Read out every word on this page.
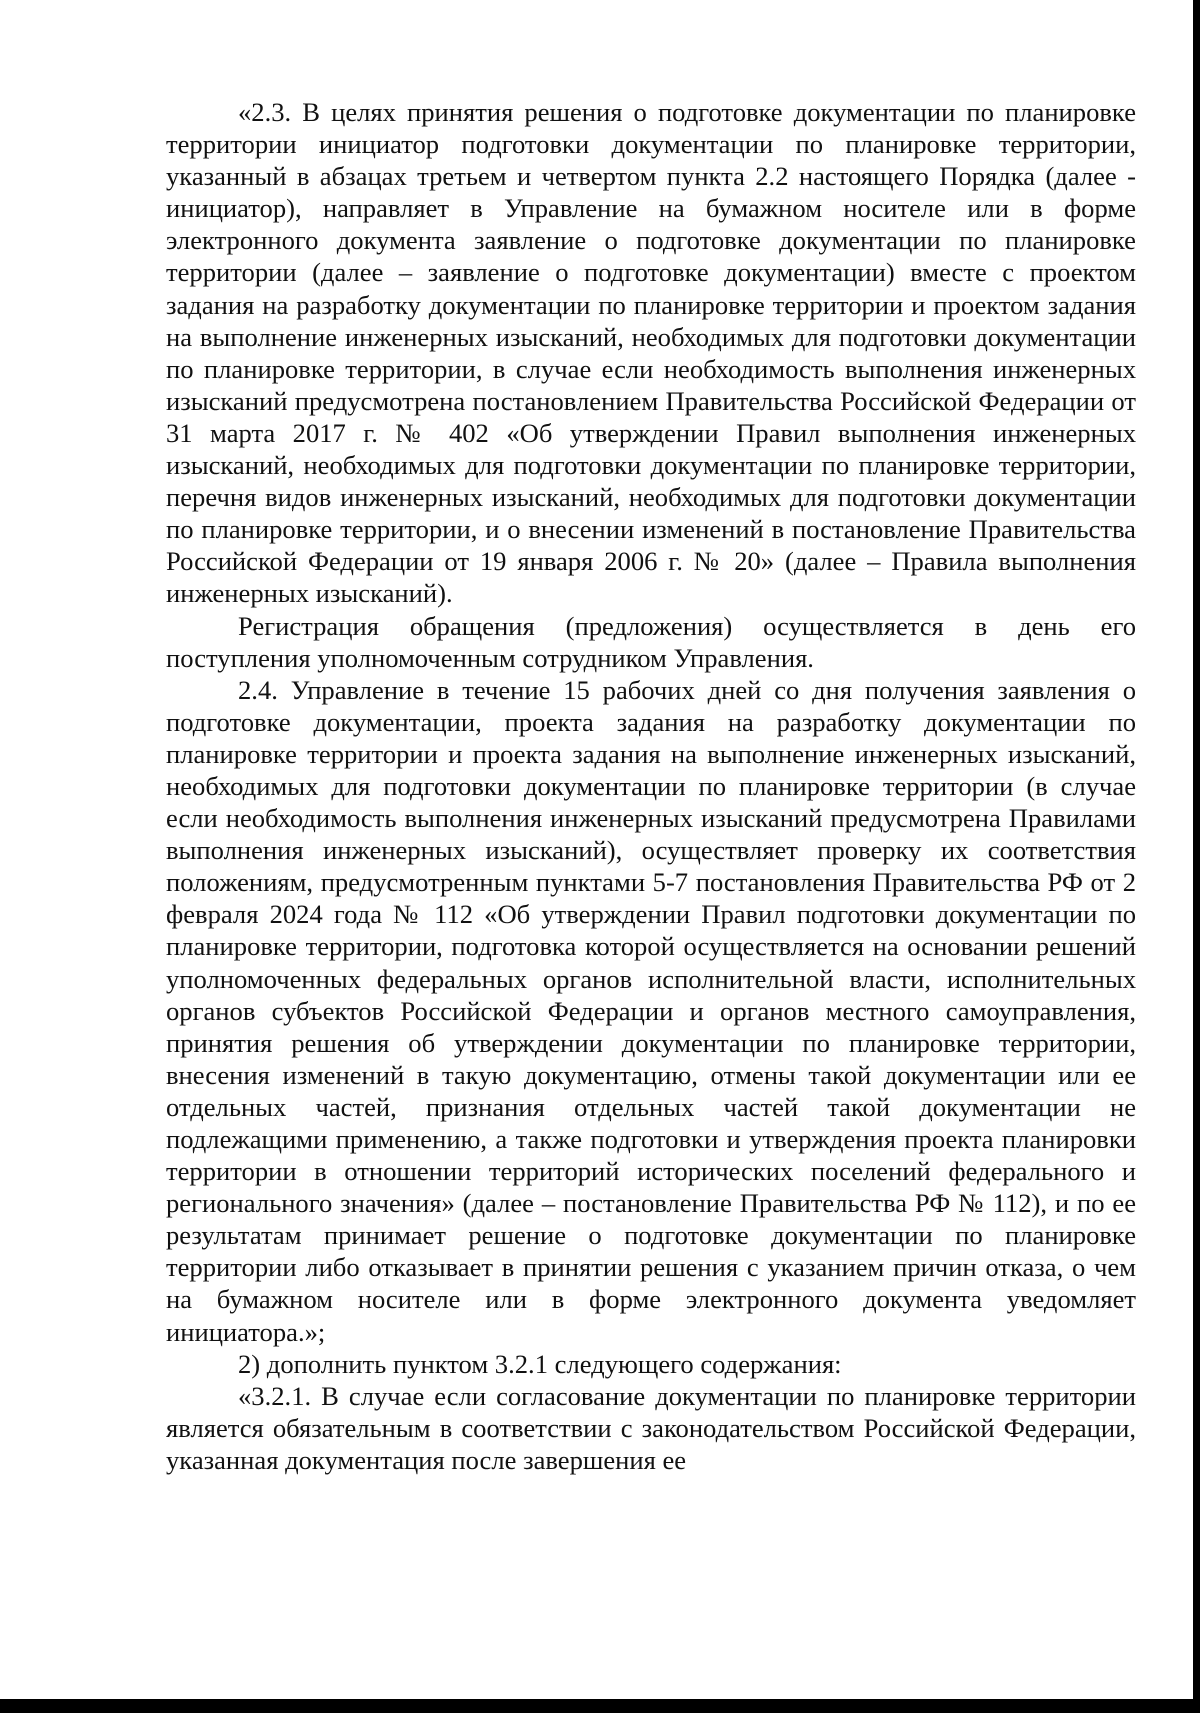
«2.3. В целях принятия решения о подготовке документации по планировке территории инициатор подготовки документации по планировке территории, указанный в абзацах третьем и четвертом пункта 2.2 настоящего Порядка (далее - инициатор), направляет в Управление на бумажном носителе или в форме электронного документа заявление о подготовке документации по планировке территории (далее – заявление о подготовке документации) вместе с проектом задания на разработку документации по планировке территории и проектом задания на выполнение инженерных изысканий, необходимых для подготовки документации по планировке территории, в случае если необходимость выполнения инженерных изысканий предусмотрена постановлением Правительства Российской Федерации от 31 марта 2017 г. № 402 «Об утверждении Правил выполнения инженерных изысканий, необходимых для подготовки документации по планировке территории, перечня видов инженерных изысканий, необходимых для подготовки документации по планировке территории, и о внесении изменений в постановление Правительства Российской Федерации от 19 января 2006 г. № 20» (далее – Правила выполнения инженерных изысканий).

Регистрация обращения (предложения) осуществляется в день его поступления уполномоченным сотрудником Управления.

2.4. Управление в течение 15 рабочих дней со дня получения заявления о подготовке документации, проекта задания на разработку документации по планировке территории и проекта задания на выполнение инженерных изысканий, необходимых для подготовки документации по планировке территории (в случае если необходимость выполнения инженерных изысканий предусмотрена Правилами выполнения инженерных изысканий), осуществляет проверку их соответствия положениям, предусмотренным пунктами 5-7 постановления Правительства РФ от 2 февраля 2024 года № 112 «Об утверждении Правил подготовки документации по планировке территории, подготовка которой осуществляется на основании решений уполномоченных федеральных органов исполнительной власти, исполнительных органов субъектов Российской Федерации и органов местного самоуправления, принятия решения об утверждении документации по планировке территории, внесения изменений в такую документацию, отмены такой документации или ее отдельных частей, признания отдельных частей такой документации не подлежащими применению, а также подготовки и утверждения проекта планировки территории в отношении территорий исторических поселений федерального и регионального значения» (далее – постановление Правительства РФ № 112), и по ее результатам принимает решение о подготовке документации по планировке территории либо отказывает в принятии решения с указанием причин отказа, о чем на бумажном носителе или в форме электронного документа уведомляет инициатора.»;

2) дополнить пунктом 3.2.1 следующего содержания:

«3.2.1. В случае если согласование документации по планировке территории является обязательным в соответствии с законодательством Российской Федерации, указанная документация после завершения ее
